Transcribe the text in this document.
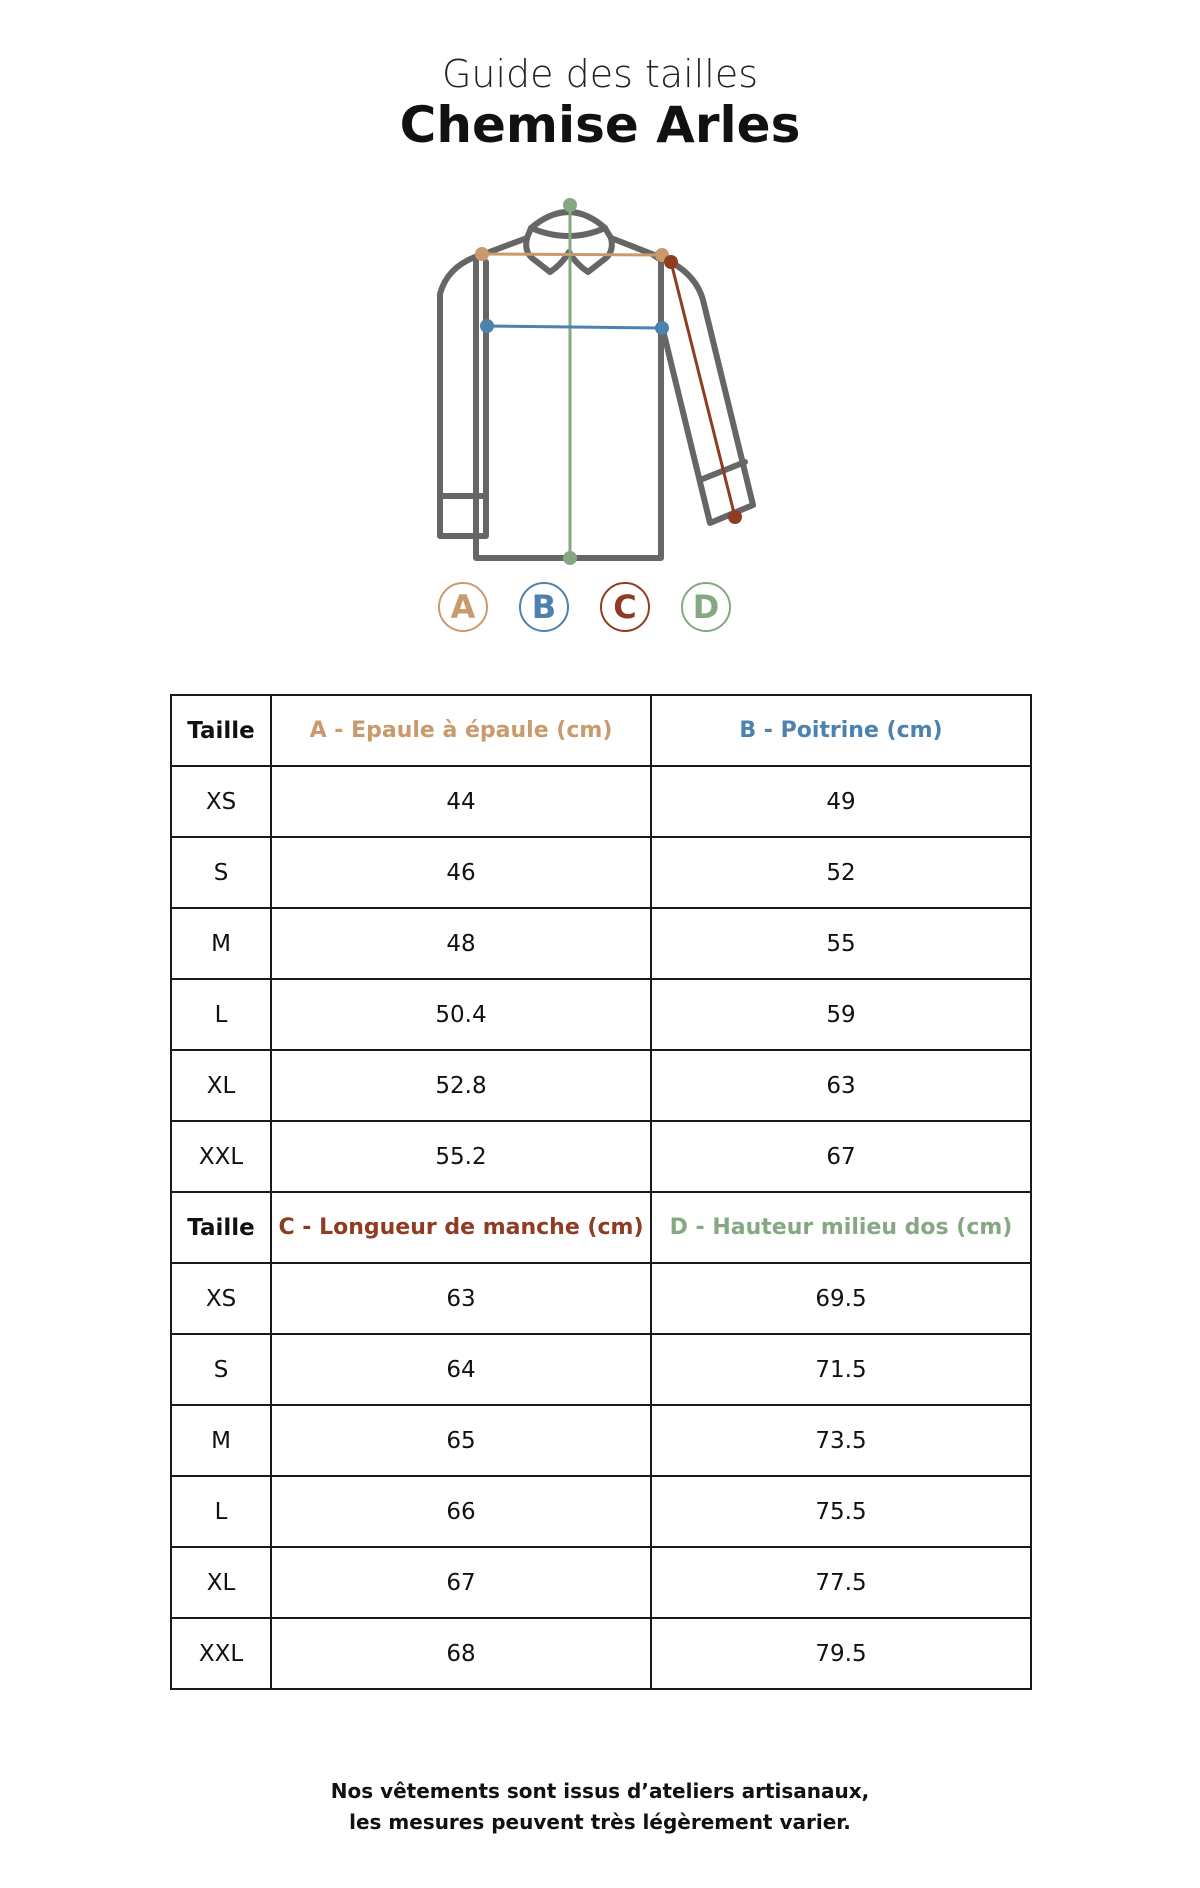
Guide des tailles
Chemise Arles
A	B	C	D
Taille	A - Epaule à épaule (cm)	B - Poitrine (cm)
XS	44	49
S	46	52
M	48	55
L	50.4	59
XL	52.8	63
XXL	55.2	67
Taille	C - Longueur de manche (cm)	D - Hauteur milieu dos (cm)
XS	63	69.5
S	64	71.5
M	65	73.5
L	66	75.5
XL	67	77.5
XXL	68	79.5
Nos vêtements sont issus d’ateliers artisanaux,
les mesures peuvent très légèrement varier.
